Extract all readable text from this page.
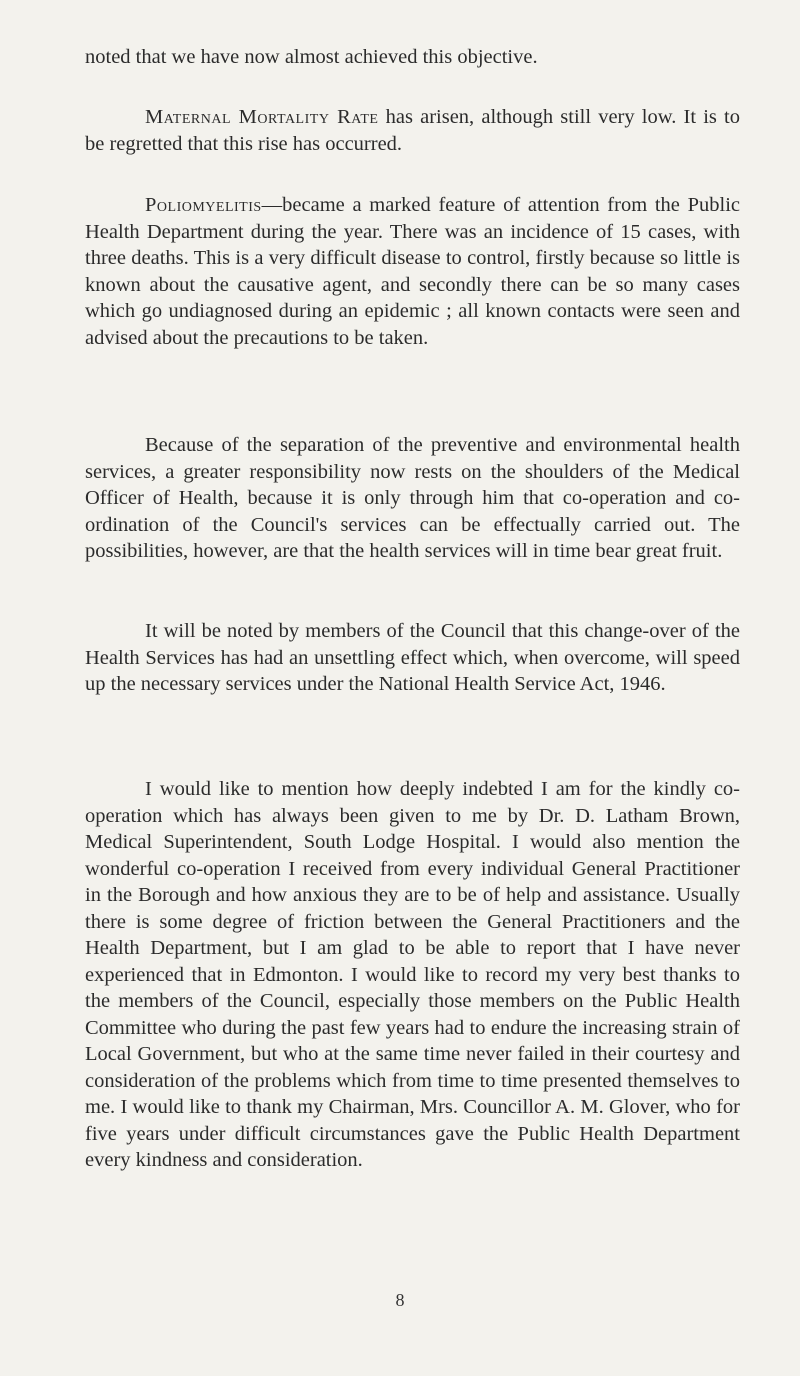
noted that we have now almost achieved this objective.

Maternal Mortality Rate has arisen, although still very low. It is to be regretted that this rise has occurred.

Poliomyelitis—became a marked feature of attention from the Public Health Department during the year. There was an incidence of 15 cases, with three deaths. This is a very difficult disease to control, firstly because so little is known about the causative agent, and secondly there can be so many cases which go undiagnosed during an epidemic ; all known contacts were seen and advised about the precautions to be taken.

Because of the separation of the preventive and environmental health services, a greater responsibility now rests on the shoulders of the Medical Officer of Health, because it is only through him that co-operation and co-ordination of the Council's services can be effectually carried out. The possibilities, however, are that the health services will in time bear great fruit.

It will be noted by members of the Council that this change-over of the Health Services has had an unsettling effect which, when overcome, will speed up the necessary services under the National Health Service Act, 1946.

I would like to mention how deeply indebted I am for the kindly co-operation which has always been given to me by Dr. D. Latham Brown, Medical Superintendent, South Lodge Hospital. I would also mention the wonderful co-operation I received from every individual General Practitioner in the Borough and how anxious they are to be of help and assistance. Usually there is some degree of friction between the General Practitioners and the Health Department, but I am glad to be able to report that I have never experienced that in Edmonton. I would like to record my very best thanks to the members of the Council, especially those members on the Public Health Committee who during the past few years had to endure the increasing strain of Local Government, but who at the same time never failed in their courtesy and consideration of the problems which from time to time presented themselves to me. I would like to thank my Chairman, Mrs. Councillor A. M. Glover, who for five years under difficult circumstances gave the Public Health Department every kindness and consideration.

8
